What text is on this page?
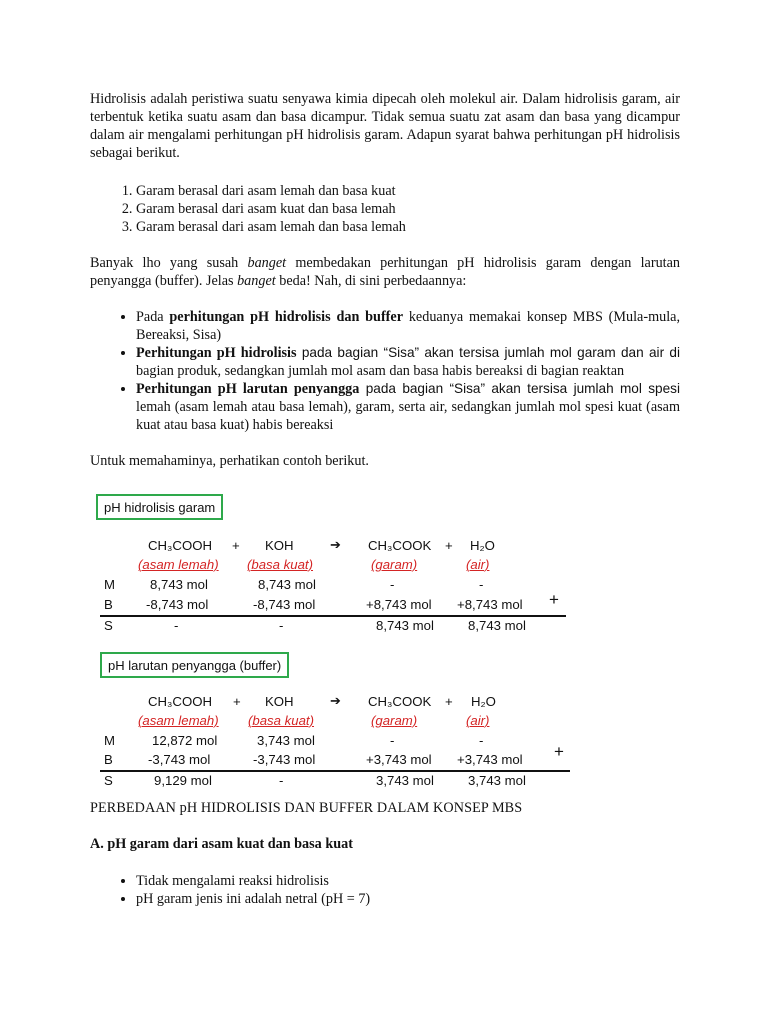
Hidrolisis adalah peristiwa suatu senyawa kimia dipecah oleh molekul air. Dalam hidrolisis garam, air terbentuk ketika suatu asam dan basa dicampur. Tidak semua suatu zat asam dan basa yang dicampur dalam air mengalami perhitungan pH hidrolisis garam. Adapun syarat bahwa perhitungan pH hidrolisis sebagai berikut.

1. Garam berasal dari asam lemah dan basa kuat
2. Garam berasal dari asam kuat dan basa lemah
3. Garam berasal dari asam lemah dan basa lemah

Banyak lho yang susah banget membedakan perhitungan pH hidrolisis garam dengan larutan penyangga (buffer). Jelas banget beda! Nah, di sini perbedaannya:

• Pada perhitungan pH hidrolisis dan buffer keduanya memakai konsep MBS (Mula-mula, Bereaksi, Sisa)
• Perhitungan pH hidrolisis pada bagian “Sisa” akan tersisa jumlah mol garam dan air di bagian produk, sedangkan jumlah mol asam dan basa habis bereaksi di bagian reaktan
• Perhitungan pH larutan penyangga pada bagian “Sisa” akan tersisa jumlah mol spesi lemah (asam lemah atau basa lemah), garam, serta air, sedangkan jumlah mol spesi kuat (asam kuat atau basa kuat) habis bereaksi

Untuk memahaminya, perhatikan contoh berikut.

pH hidrolisis garam
CH₃COOH + KOH	➔ CH₃COOK + H₂O
(asam lemah) (basa kuat)	(garam)	(air)
M	8,743 mol	8,743 mol	-	-
B	-8,743 mol	-8,743 mol	+8,743 mol +8,743 mol +
S	-	-	8,743 mol	8,743 mol
pH larutan penyangga (buffer)
CH₃COOH + KOH	➔ CH₃COOK + H₂O
(asam lemah) (basa kuat)	(garam)	(air)
M	12,872 mol	3,743 mol	-	-
B	-3,743 mol	-3,743 mol	+3,743 mol +3,743 mol +
S	9,129 mol	-	3,743 mol	3,743 mol
PERBEDAAN pH HIDROLISIS DAN BUFFER DALAM KONSEP MBS
A. pH garam dari asam kuat dan basa kuat
• Tidak mengalami reaksi hidrolisis
• pH garam jenis ini adalah netral (pH = 7)
